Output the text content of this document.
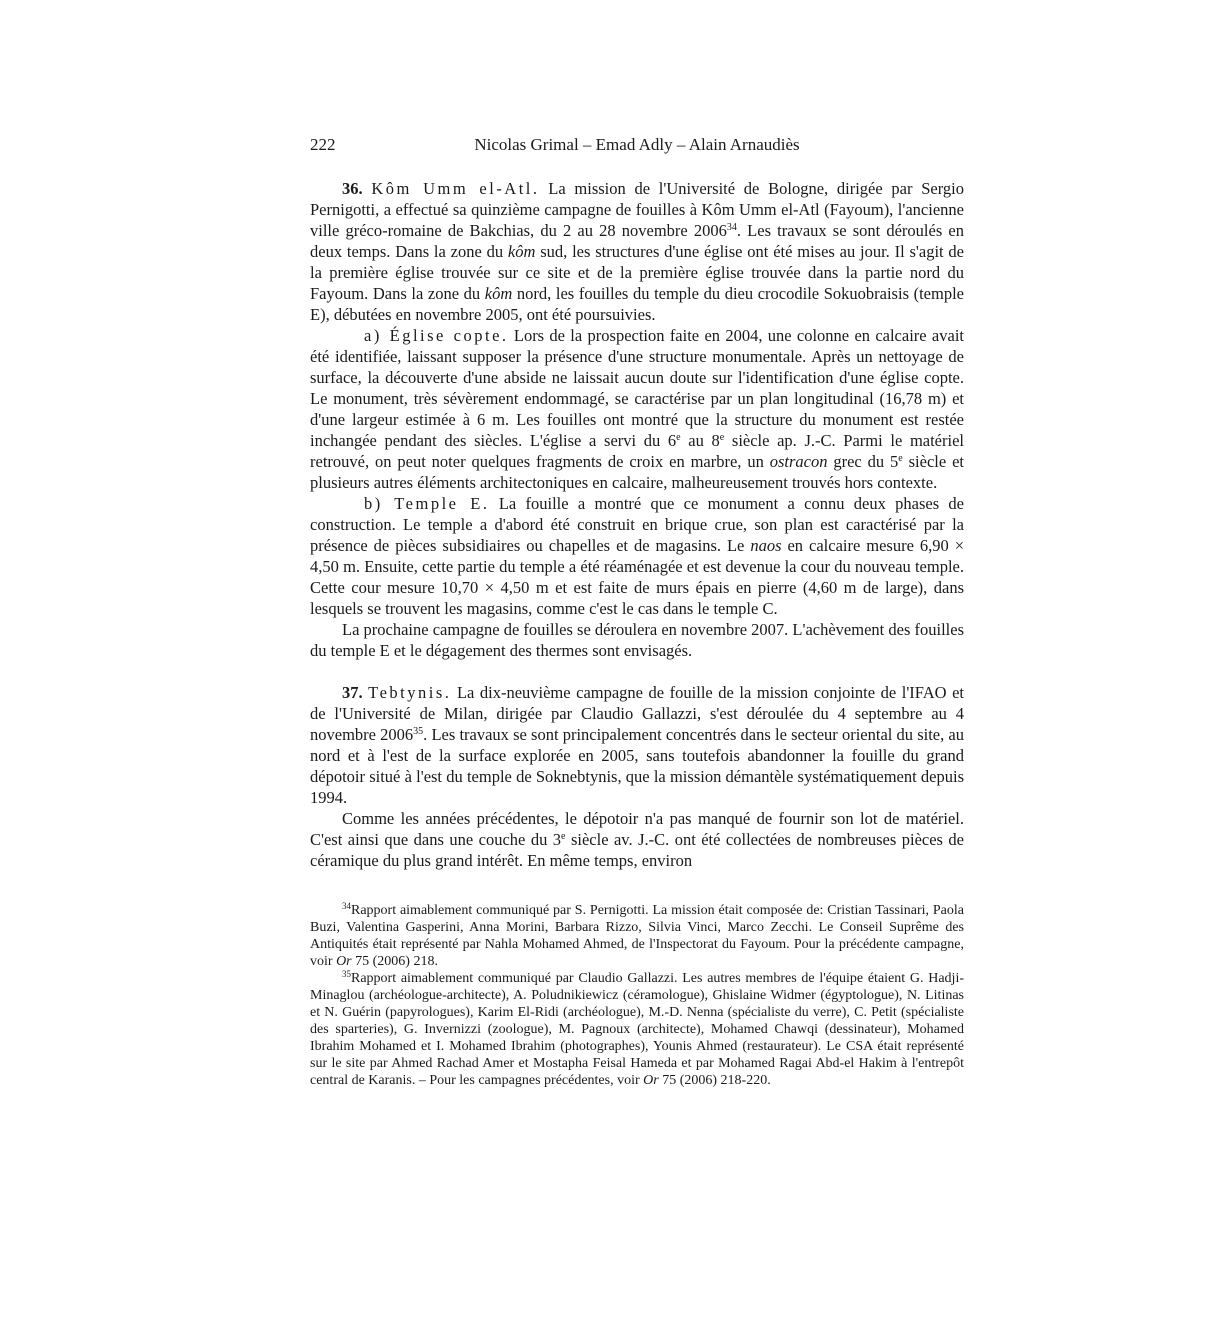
222	Nicolas Grimal – Emad Adly – Alain Arnaudiès

36. Kôm Umm el-Atl. La mission de l'Université de Bologne, dirigée par Sergio Pernigotti, a effectué sa quinzième campagne de fouilles à Kôm Umm el-Atl (Fayoum), l'ancienne ville gréco-romaine de Bakchias, du 2 au 28 novembre 2006$^{34}$. Les travaux se sont déroulés en deux temps. Dans la zone du kôm sud, les structures d'une église ont été mises au jour. Il s'agit de la première église trouvée sur ce site et de la première église trouvée dans la partie nord du Fayoum. Dans la zone du kôm nord, les fouilles du temple du dieu crocodile Sokuobraisis (temple E), débutées en novembre 2005, ont été poursuivies.

a) Église copte. Lors de la prospection faite en 2004, une colonne en calcaire avait été identifiée, laissant supposer la présence d'une structure monumentale. Après un nettoyage de surface, la découverte d'une abside ne laissait aucun doute sur l'identification d'une église copte. Le monument, très sévèrement endommagé, se caractérise par un plan longitudinal (16,78 m) et d'une largeur estimée à 6 m. Les fouilles ont montré que la structure du monument est restée inchangée pendant des siècles. L'église a servi du 6e au 8e siècle ap. J.-C. Parmi le matériel retrouvé, on peut noter quelques fragments de croix en marbre, un ostracon grec du 5e siècle et plusieurs autres éléments architectoniques en calcaire, malheureusement trouvés hors contexte.

b) Temple E. La fouille a montré que ce monument a connu deux phases de construction. Le temple a d'abord été construit en brique crue, son plan est caractérisé par la présence de pièces subsidiaires ou chapelles et de magasins. Le naos en calcaire mesure 6,90 × 4,50 m. Ensuite, cette partie du temple a été réaménagée et est devenue la cour du nouveau temple. Cette cour mesure 10,70 × 4,50 m et est faite de murs épais en pierre (4,60 m de large), dans lesquels se trouvent les magasins, comme c'est le cas dans le temple C.

La prochaine campagne de fouilles se déroulera en novembre 2007. L'achèvement des fouilles du temple E et le dégagement des thermes sont envisagés.

37. Tebtynis. La dix-neuvième campagne de fouille de la mission conjointe de l'IFAO et de l'Université de Milan, dirigée par Claudio Gallazzi, s'est déroulée du 4 septembre au 4 novembre 2006$^{35}$. Les travaux se sont principalement concentrés dans le secteur oriental du site, au nord et à l'est de la surface explorée en 2005, sans toutefois abandonner la fouille du grand dépotoir situé à l'est du temple de Soknebtynis, que la mission démantèle systématiquement depuis 1994.

Comme les années précédentes, le dépotoir n'a pas manqué de fournir son lot de matériel. C'est ainsi que dans une couche du 3e siècle av. J.-C. ont été collectées de nombreuses pièces de céramique du plus grand intérêt. En même temps, environ

$^{34}$Rapport aimablement communiqué par S. Pernigotti. La mission était composée de: Cristian Tassinari, Paola Buzi, Valentina Gasperini, Anna Morini, Barbara Rizzo, Silvia Vinci, Marco Zecchi. Le Conseil Suprême des Antiquités était représenté par Nahla Mohamed Ahmed, de l'Inspectorat du Fayoum. Pour la précédente campagne, voir Or 75 (2006) 218.

$^{35}$Rapport aimablement communiqué par Claudio Gallazzi. Les autres membres de l'équipe étaient G. Hadji-Minaglou (archéologue-architecte), A. Poludnikiewicz (céramologue), Ghislaine Widmer (égyptologue), N. Litinas et N. Guérin (papyrologues), Karim El-Ridi (archéologue), M.-D. Nenna (spécialiste du verre), C. Petit (spécialiste des sparteries), G. Invernizzi (zoologue), M. Pagnoux (architecte), Mohamed Chawqi (dessinateur), Mohamed Ibrahim Mohamed et I. Mohamed Ibrahim (photographes), Younis Ahmed (restaurateur). Le CSA était représenté sur le site par Ahmed Rachad Amer et Mostapha Feisal Hameda et par Mohamed Ragai Abd-el Hakim à l'entrepôt central de Karanis. – Pour les campagnes précédentes, voir Or 75 (2006) 218-220.
